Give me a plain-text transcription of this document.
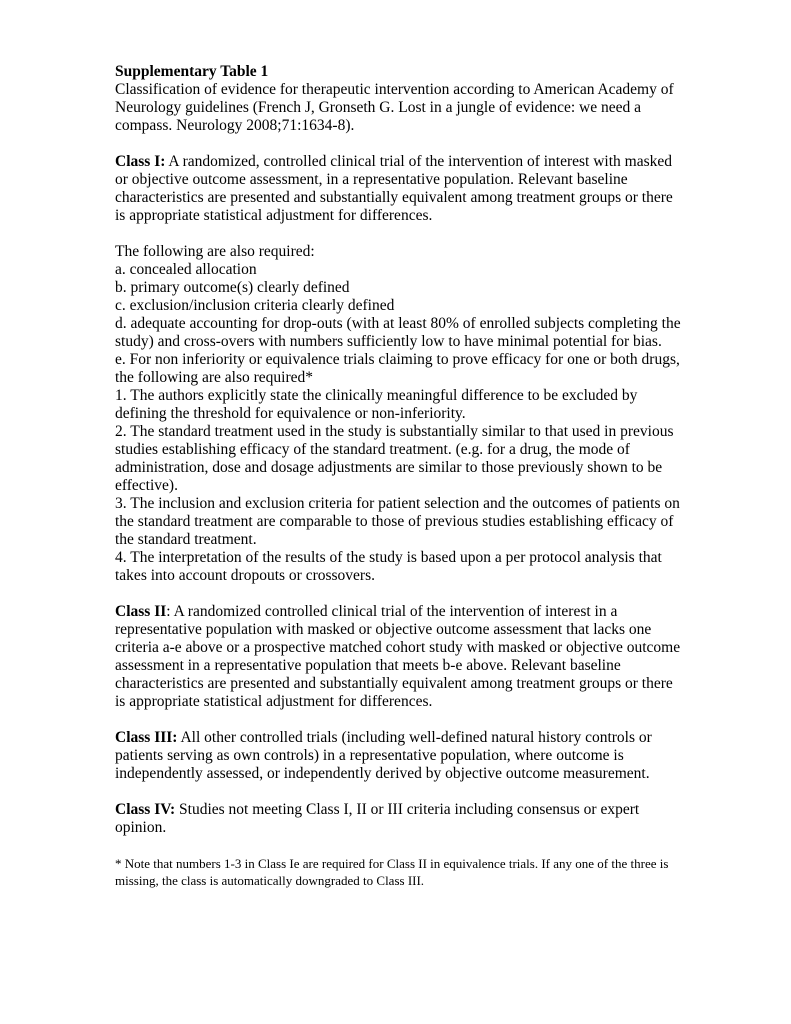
Supplementary Table 1

Classification of evidence for therapeutic intervention according to American Academy of Neurology guidelines (French J, Gronseth G. Lost in a jungle of evidence: we need a compass. Neurology 2008;71:1634-8).

Class I: A randomized, controlled clinical trial of the intervention of interest with masked or objective outcome assessment, in a representative population. Relevant baseline characteristics are presented and substantially equivalent among treatment groups or there is appropriate statistical adjustment for differences.

The following are also required:

a. concealed allocation

b. primary outcome(s) clearly defined

c. exclusion/inclusion criteria clearly defined

d. adequate accounting for drop-outs (with at least 80% of enrolled subjects completing the study) and cross-overs with numbers sufficiently low to have minimal potential for bias.

e. For non inferiority or equivalence trials claiming to prove efficacy for one or both drugs, the following are also required*

1. The authors explicitly state the clinically meaningful difference to be excluded by defining the threshold for equivalence or non-inferiority.

2. The standard treatment used in the study is substantially similar to that used in previous studies establishing efficacy of the standard treatment. (e.g. for a drug, the mode of administration, dose and dosage adjustments are similar to those previously shown to be effective).

3. The inclusion and exclusion criteria for patient selection and the outcomes of patients on the standard treatment are comparable to those of previous studies establishing efficacy of the standard treatment.

4. The interpretation of the results of the study is based upon a per protocol analysis that takes into account dropouts or crossovers.

Class II: A randomized controlled clinical trial of the intervention of interest in a representative population with masked or objective outcome assessment that lacks one criteria a-e above or a prospective matched cohort study with masked or objective outcome assessment in a representative population that meets b-e above. Relevant baseline characteristics are presented and substantially equivalent among treatment groups or there is appropriate statistical adjustment for differences.

Class III: All other controlled trials (including well-defined natural history controls or patients serving as own controls) in a representative population, where outcome is independently assessed, or independently derived by objective outcome measurement.

Class IV: Studies not meeting Class I, II or III criteria including consensus or expert opinion.

* Note that numbers 1-3 in Class Ie are required for Class II in equivalence trials. If any one of the three is missing, the class is automatically downgraded to Class III.
